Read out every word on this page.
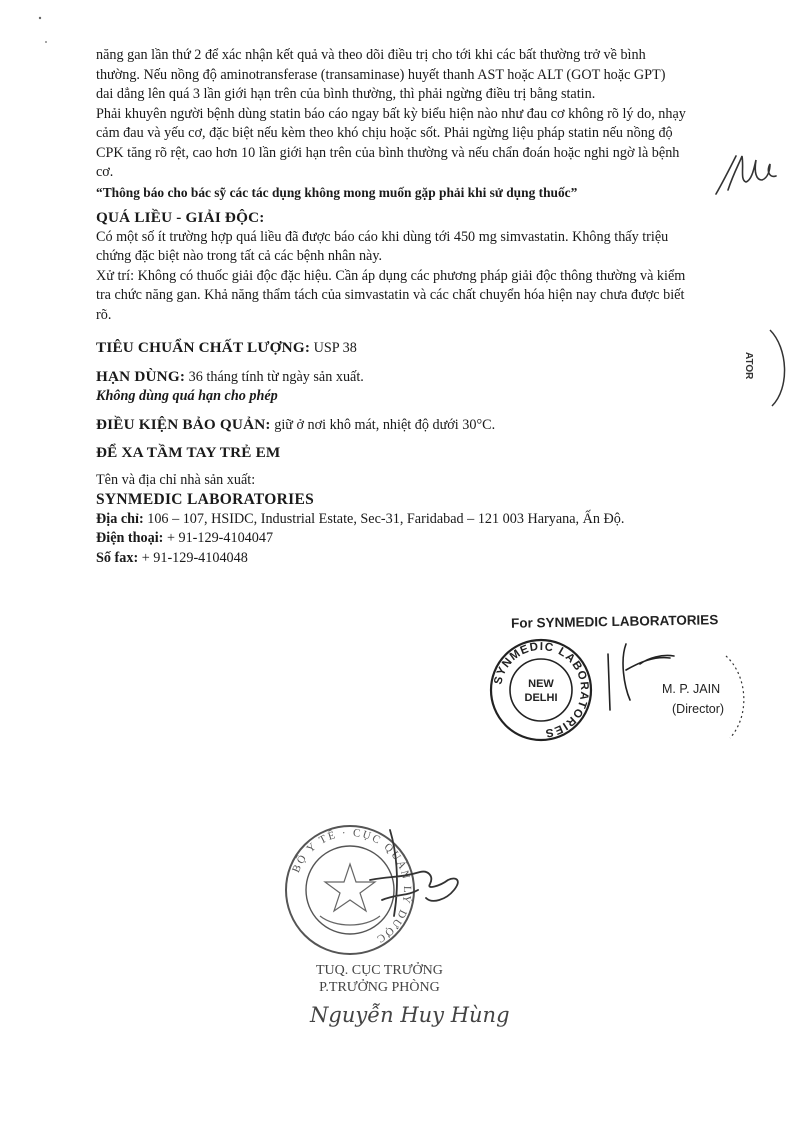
năng gan lần thứ 2 để xác nhận kết quả và theo dõi điều trị cho tới khi các bất thường trở về bình
thường. Nếu nồng độ aminotransferase (transaminase) huyết thanh AST hoặc ALT (GOT hoặc GPT)
dai dẳng lên quá 3 lần giới hạn trên của bình thường, thì phải ngừng điều trị bằng statin.

Phải khuyên người bệnh dùng statin báo cáo ngay bất kỳ biểu hiện nào như đau cơ không rõ lý do, nhạy
cảm đau và yếu cơ, đặc biệt nếu kèm theo khó chịu hoặc sốt. Phải ngừng liệu pháp statin nếu nồng độ
CPK tăng rõ rệt, cao hơn 10 lần giới hạn trên của bình thường và nếu chẩn đoán hoặc nghi ngờ là bệnh
cơ.

“Thông báo cho bác sỹ các tác dụng không mong muốn gặp phải khi sử dụng thuốc”

QUÁ LIỀU - GIẢI ĐỘC:

Có một số ít trường hợp quá liều đã được báo cáo khi dùng tới 450 mg simvastatin. Không thấy triệu
chứng đặc biệt nào trong tất cả các bệnh nhân này.
Xử trí: Không có thuốc giải độc đặc hiệu. Cần áp dụng các phương pháp giải độc thông thường và kiểm
tra chức năng gan. Khả năng thẩm tách của simvastatin và các chất chuyển hóa hiện nay chưa được biết
rõ.

TIÊU CHUẨN CHẤT LƯỢNG: USP 38

HẠN DÙNG: 36 tháng tính từ ngày sản xuất.

Không dùng quá hạn cho phép

ĐIỀU KIỆN BẢO QUẢN: giữ ở nơi khô mát, nhiệt độ dưới 30°C.

ĐỂ XA TẦM TAY TRẺ EM

Tên và địa chỉ nhà sản xuất:

SYNMEDIC LABORATORIES

Địa chỉ: 106 – 107, HSIDC, Industrial Estate, Sec-31, Faridabad – 121 003 Haryana, Ấn Độ.

Điện thoại: + 91-129-4104047

Số fax: + 91-129-4104048

ATOR
For SYNMEDIC LABORATORIES
SYNMEDIC LABORATORIES
NEW
DELHI
M. P. JAIN
(Director)
BỘ Y TẾ · CỤC QUẢN LÝ DƯỢC
TUQ. CỤC TRƯỞNG
P.TRƯỞNG PHÒNG
Nguyễn Huy Hùng
